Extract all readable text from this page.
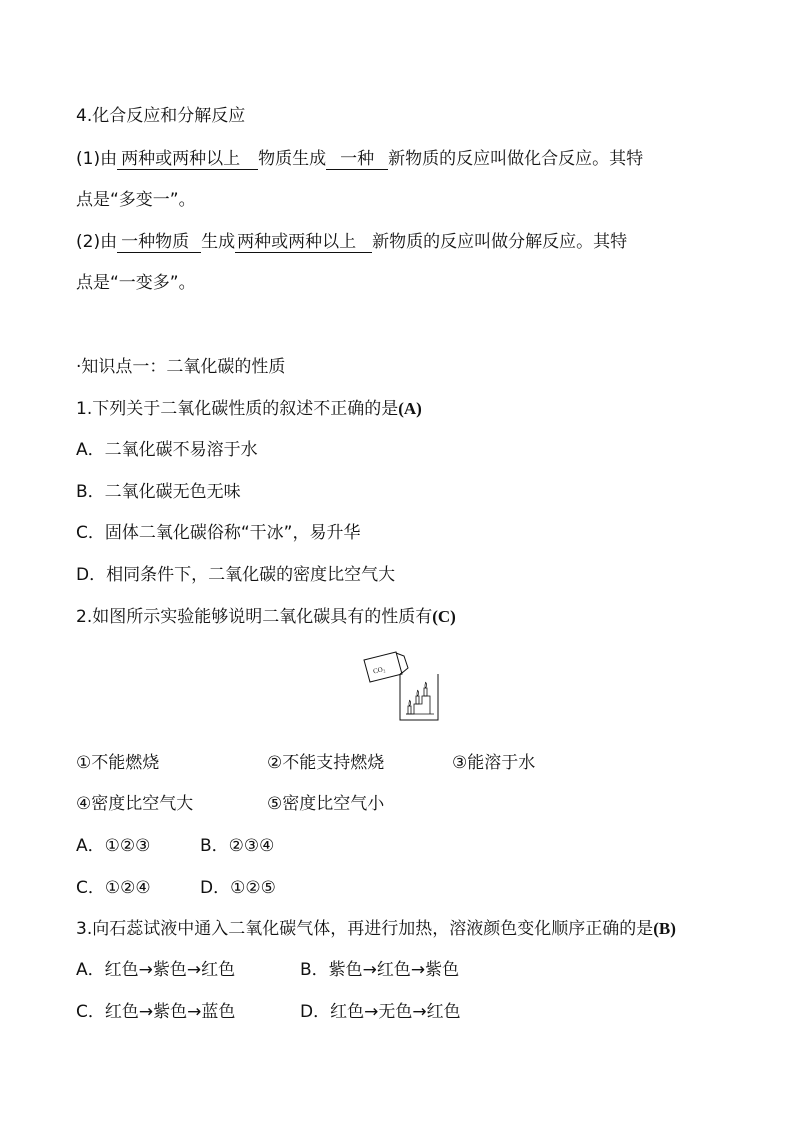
4.化合反应和分解反应
(1)由 两种或两种以上 物质生成 一种 新物质的反应叫做化合反应。其特
点是“多变一”。
(2)由 一种物质 生成 两种或两种以上 新物质的反应叫做分解反应。其特
点是“一变多”。
·知识点一：二氧化碳的性质
1.下列关于二氧化碳性质的叙述不正确的是(A)
A．二氧化碳不易溶于水
B．二氧化碳无色无味
C．固体二氧化碳俗称“干冰”，易升华
D．相同条件下，二氧化碳的密度比空气大
2.如图所示实验能够说明二氧化碳具有的性质有(C)
CO₂
①不能燃烧	②不能支持燃烧	③能溶于水
④密度比空气大	⑤密度比空气小
A．①②③	B．②③④
C．①②④	D．①②⑤
3.向石蕊试液中通入二氧化碳气体，再进行加热，溶液颜色变化顺序正确的是(B)
A．红色→紫色→红色	B．紫色→红色→紫色
C．红色→紫色→蓝色	D．红色→无色→红色
